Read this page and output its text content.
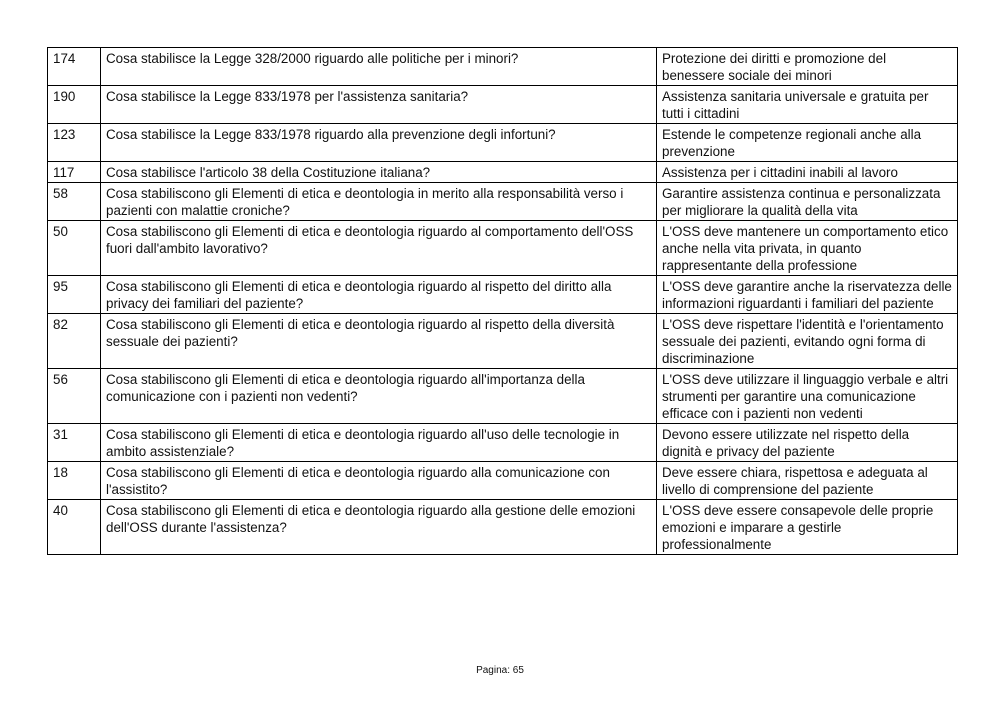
174	Cosa stabilisce la Legge 328/2000 riguardo alle politiche per i minori?	Protezione dei diritti e promozione del benessere sociale dei minori
190	Cosa stabilisce la Legge 833/1978 per l'assistenza sanitaria?	Assistenza sanitaria universale e gratuita per tutti i cittadini
123	Cosa stabilisce la Legge 833/1978 riguardo alla prevenzione degli infortuni?	Estende le competenze regionali anche alla prevenzione
117	Cosa stabilisce l'articolo 38 della Costituzione italiana?	Assistenza per i cittadini inabili al lavoro
58	Cosa stabiliscono gli Elementi di etica e deontologia in merito alla responsabilità verso i pazienti con malattie croniche?	Garantire assistenza continua e personalizzata per migliorare la qualità della vita
50	Cosa stabiliscono gli Elementi di etica e deontologia riguardo al comportamento dell'OSS fuori dall'ambito lavorativo?	L'OSS deve mantenere un comportamento etico anche nella vita privata, in quanto rappresentante della professione
95	Cosa stabiliscono gli Elementi di etica e deontologia riguardo al rispetto del diritto alla privacy dei familiari del paziente?	L'OSS deve garantire anche la riservatezza delle informazioni riguardanti i familiari del paziente
82	Cosa stabiliscono gli Elementi di etica e deontologia riguardo al rispetto della diversità sessuale dei pazienti?	L'OSS deve rispettare l'identità e l'orientamento sessuale dei pazienti, evitando ogni forma di discriminazione
56	Cosa stabiliscono gli Elementi di etica e deontologia riguardo all'importanza della comunicazione con i pazienti non vedenti?	L'OSS deve utilizzare il linguaggio verbale e altri strumenti per garantire una comunicazione efficace con i pazienti non vedenti
31	Cosa stabiliscono gli Elementi di etica e deontologia riguardo all'uso delle tecnologie in ambito assistenziale?	Devono essere utilizzate nel rispetto della dignità e privacy del paziente
18	Cosa stabiliscono gli Elementi di etica e deontologia riguardo alla comunicazione con l'assistito?	Deve essere chiara, rispettosa e adeguata al livello di comprensione del paziente
40	Cosa stabiliscono gli Elementi di etica e deontologia riguardo alla gestione delle emozioni dell'OSS durante l'assistenza?	L'OSS deve essere consapevole delle proprie emozioni e imparare a gestirle professionalmente
Pagina: 65
